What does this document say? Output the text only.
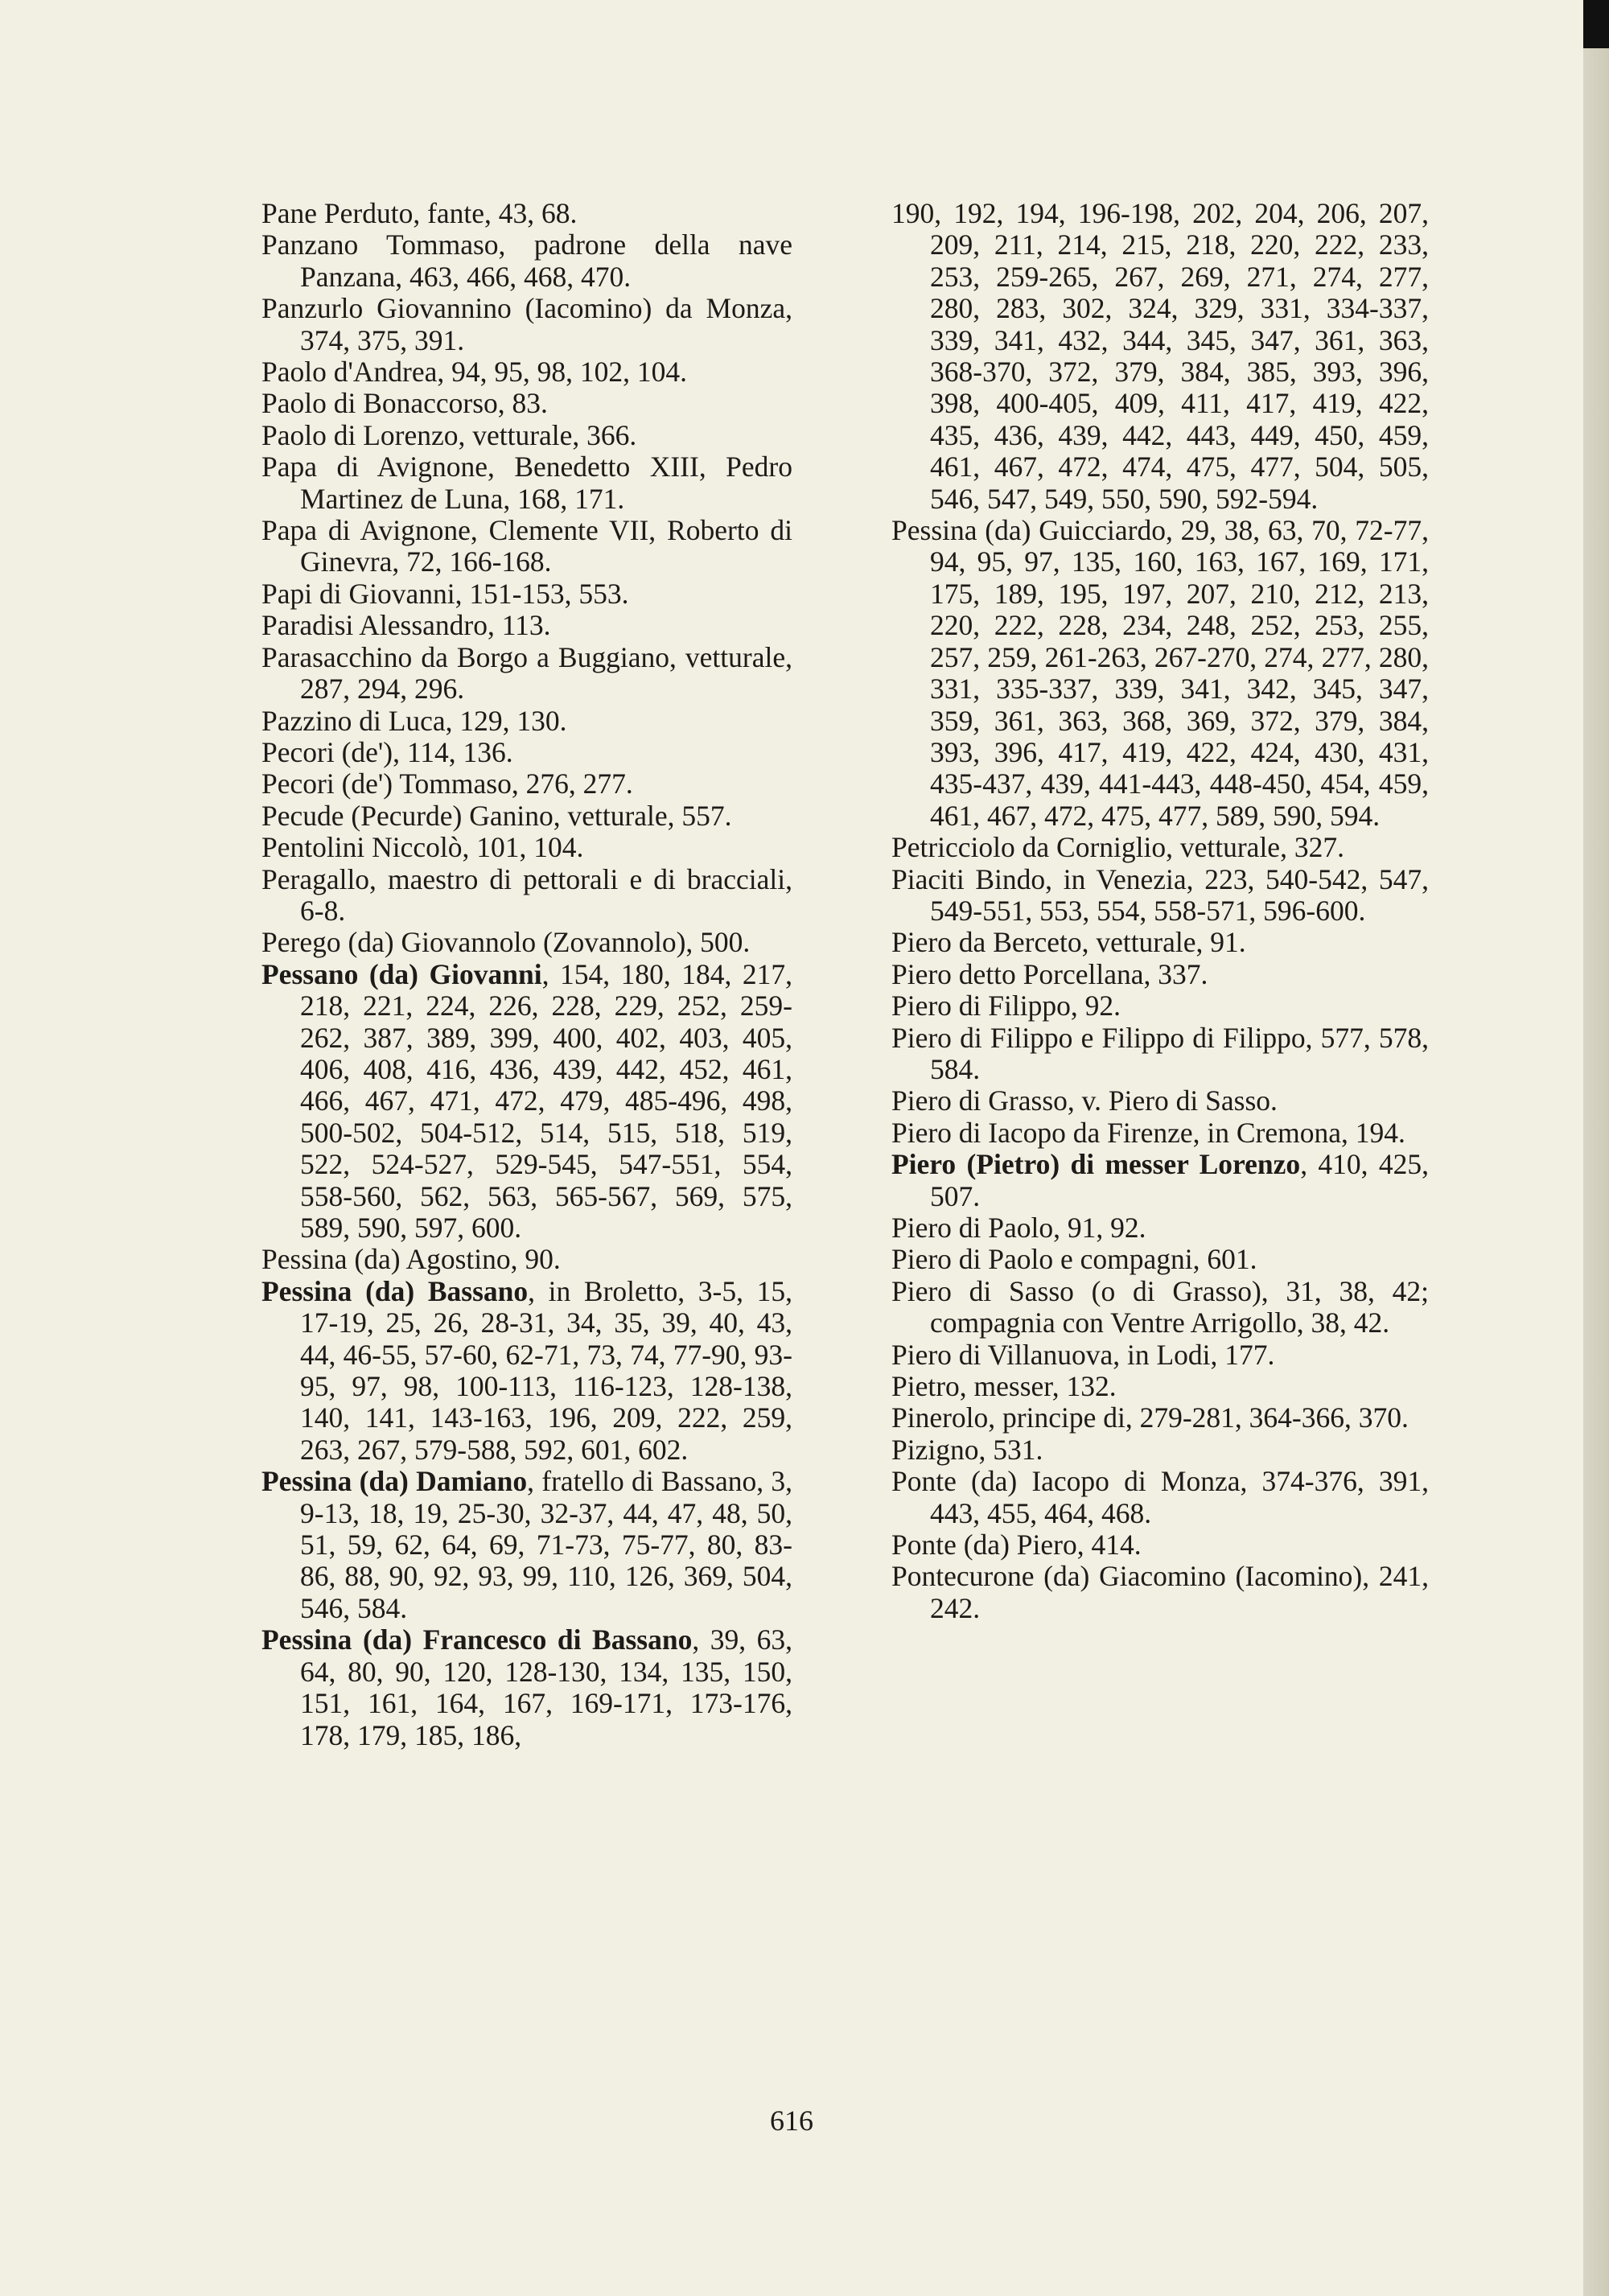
Pane Perduto, fante, 43, 68.

Panzano Tommaso, padrone della nave Panzana, 463, 466, 468, 470.

Panzurlo Giovannino (Iacomino) da Monza, 374, 375, 391.

Paolo d'Andrea, 94, 95, 98, 102, 104.

Paolo di Bonaccorso, 83.

Paolo di Lorenzo, vetturale, 366.

Papa di Avignone, Benedetto XIII, Pedro Martinez de Luna, 168, 171.

Papa di Avignone, Clemente VII, Roberto di Ginevra, 72, 166-168.

Papi di Giovanni, 151-153, 553.

Paradisi Alessandro, 113.

Parasacchino da Borgo a Buggiano, vetturale, 287, 294, 296.

Pazzino di Luca, 129, 130.

Pecori (de'), 114, 136.

Pecori (de') Tommaso, 276, 277.

Pecude (Pecurde) Ganino, vetturale, 557.

Pentolini Niccolò, 101, 104.

Peragallo, maestro di pettorali e di bracciali, 6-8.

Perego (da) Giovannolo (Zovannolo), 500.

Pessano (da) Giovanni, 154, 180, 184, 217, 218, 221, 224, 226, 228, 229, 252, 259-262, 387, 389, 399, 400, 402, 403, 405, 406, 408, 416, 436, 439, 442, 452, 461, 466, 467, 471, 472, 479, 485-496, 498, 500-502, 504-512, 514, 515, 518, 519, 522, 524-527, 529-545, 547-551, 554, 558-560, 562, 563, 565-567, 569, 575, 589, 590, 597, 600.

Pessina (da) Agostino, 90.

Pessina (da) Bassano, in Broletto, 3-5, 15, 17-19, 25, 26, 28-31, 34, 35, 39, 40, 43, 44, 46-55, 57-60, 62-71, 73, 74, 77-90, 93-95, 97, 98, 100-113, 116-123, 128-138, 140, 141, 143-163, 196, 209, 222, 259, 263, 267, 579-588, 592, 601, 602.

Pessina (da) Damiano, fratello di Bassano, 3, 9-13, 18, 19, 25-30, 32-37, 44, 47, 48, 50, 51, 59, 62, 64, 69, 71-73, 75-77, 80, 83-86, 88, 90, 92, 93, 99, 110, 126, 369, 504, 546, 584.

Pessina (da) Francesco di Bassano, 39, 63, 64, 80, 90, 120, 128-130, 134, 135, 150, 151, 161, 164, 167, 169-171, 173-176, 178, 179, 185, 186,

190, 192, 194, 196-198, 202, 204, 206, 207, 209, 211, 214, 215, 218, 220, 222, 233, 253, 259-265, 267, 269, 271, 274, 277, 280, 283, 302, 324, 329, 331, 334-337, 339, 341, 432, 344, 345, 347, 361, 363, 368-370, 372, 379, 384, 385, 393, 396, 398, 400-405, 409, 411, 417, 419, 422, 435, 436, 439, 442, 443, 449, 450, 459, 461, 467, 472, 474, 475, 477, 504, 505, 546, 547, 549, 550, 590, 592-594.

Pessina (da) Guicciardo, 29, 38, 63, 70, 72-77, 94, 95, 97, 135, 160, 163, 167, 169, 171, 175, 189, 195, 197, 207, 210, 212, 213, 220, 222, 228, 234, 248, 252, 253, 255, 257, 259, 261-263, 267-270, 274, 277, 280, 331, 335-337, 339, 341, 342, 345, 347, 359, 361, 363, 368, 369, 372, 379, 384, 393, 396, 417, 419, 422, 424, 430, 431, 435-437, 439, 441-443, 448-450, 454, 459, 461, 467, 472, 475, 477, 589, 590, 594.

Petricciolo da Corniglio, vetturale, 327.

Piaciti Bindo, in Venezia, 223, 540-542, 547, 549-551, 553, 554, 558-571, 596-600.

Piero da Berceto, vetturale, 91.

Piero detto Porcellana, 337.

Piero di Filippo, 92.

Piero di Filippo e Filippo di Filippo, 577, 578, 584.

Piero di Grasso, v. Piero di Sasso.

Piero di Iacopo da Firenze, in Cremona, 194.

Piero (Pietro) di messer Lorenzo, 410, 425, 507.

Piero di Paolo, 91, 92.

Piero di Paolo e compagni, 601.

Piero di Sasso (o di Grasso), 31, 38, 42; compagnia con Ventre Arrigollo, 38, 42.

Piero di Villanuova, in Lodi, 177.

Pietro, messer, 132.

Pinerolo, principe di, 279-281, 364-366, 370.

Pizigno, 531.

Ponte (da) Iacopo di Monza, 374-376, 391, 443, 455, 464, 468.

Ponte (da) Piero, 414.

Pontecurone (da) Giacomino (Iacomino), 241, 242.

616
